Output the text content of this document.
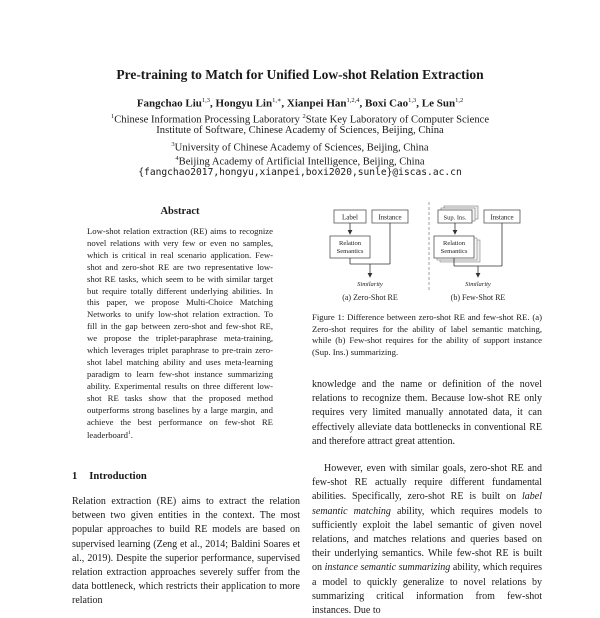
Pre-training to Match for Unified Low-shot Relation Extraction
Fangchao Liu$^{1,3}$, Hongyu Lin$^{1,∗}$, Xianpei Han$^{1,2,4}$, Boxi Cao$^{1,3}$, Le Sun$^{1,2}$
$^1$Chinese Information Processing Laboratory $^2$State Key Laboratory of Computer Science
Institute of Software, Chinese Academy of Sciences, Beijing, China
$^3$University of Chinese Academy of Sciences, Beijing, China
$^4$Beijing Academy of Artificial Intelligence, Beijing, China
{fangchao2017,hongyu,xianpei,boxi2020,sunle}@iscas.ac.cn
Abstract
Low-shot relation extraction (RE) aims to recognize novel relations with very few or even no samples, which is critical in real scenario application. Few-shot and zero-shot RE are two representative low-shot RE tasks, which seem to be with similar target but require totally different underlying abilities. In this paper, we propose Multi-Choice Matching Networks to unify low-shot relation extraction. To fill in the gap between zero-shot and few-shot RE, we propose the triplet-paraphrase meta-training, which leverages triplet paraphrase to pre-train zero-shot label matching ability and uses meta-learning paradigm to learn few-shot instance summarizing ability. Experimental results on three different low-shot RE tasks show that the proposed method outperforms strong baselines by a large margin, and achieve the best performance on few-shot RE leaderboard$^1$.
1 Introduction
Relation extraction (RE) aims to extract the relation between two given entities in the context. The most popular approaches to build RE models are based on supervised learning (Zeng et al., 2014; Baldini Soares et al., 2019). Despite the superior performance, supervised relation extraction approaches severely suffer from the data bottleneck, which restricts their application to more relation
Label	Instance
Relation
Semantics
Similarity
(a) Zero-Shot RE
Sup. Ins.	Instance
Relation
Semantics
Similarity
(b) Few-Shot RE
Figure 1: Difference between zero-shot RE and few-shot RE. (a) Zero-shot requires for the ability of label semantic matching, while (b) Few-shot requires for the ability of support instance (Sup. Ins.) summarizing.
knowledge and the name or definition of the novel relations to recognize them. Because low-shot RE only requires very limited manually annotated data, it can effectively alleviate data bottlenecks in conventional RE and therefore attract great attention.
However, even with similar goals, zero-shot RE and few-shot RE actually require different fundamental abilities. Specifically, zero-shot RE is built on label semantic matching ability, which requires models to sufficiently exploit the label semantic of given novel relations, and matches relations and queries based on their underlying semantics. While few-shot RE is built on instance semantic summarizing ability, which requires a model to quickly generalize to novel relations by summarizing critical information from few-shot instances. Due to
